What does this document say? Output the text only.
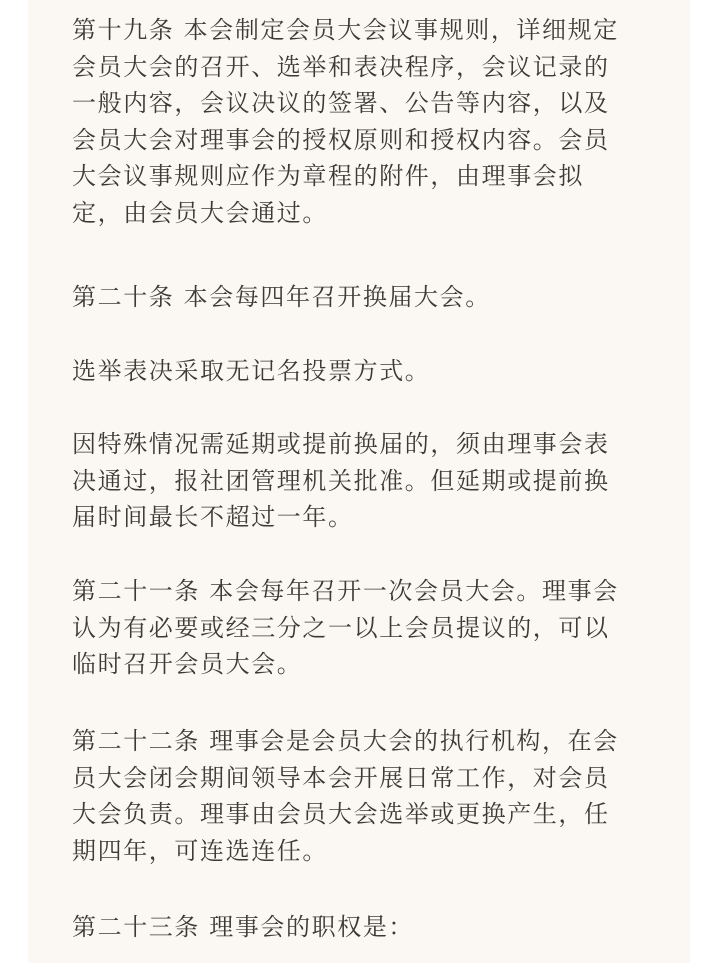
第十九条 本会制定会员大会议事规则，详细规定
会员大会的召开、选举和表决程序，会议记录的
一般内容，会议决议的签署、公告等内容，以及
会员大会对理事会的授权原则和授权内容。会员
大会议事规则应作为章程的附件，由理事会拟
定，由会员大会通过。

第二十条 本会每四年召开换届大会。

选举表决采取无记名投票方式。

因特殊情况需延期或提前换届的，须由理事会表
决通过，报社团管理机关批准。但延期或提前换
届时间最长不超过一年。

第二十一条 本会每年召开一次会员大会。理事会
认为有必要或经三分之一以上会员提议的，可以
临时召开会员大会。

第二十二条 理事会是会员大会的执行机构，在会
员大会闭会期间领导本会开展日常工作，对会员
大会负责。理事由会员大会选举或更换产生，任
期四年，可连选连任。

第二十三条 理事会的职权是：
